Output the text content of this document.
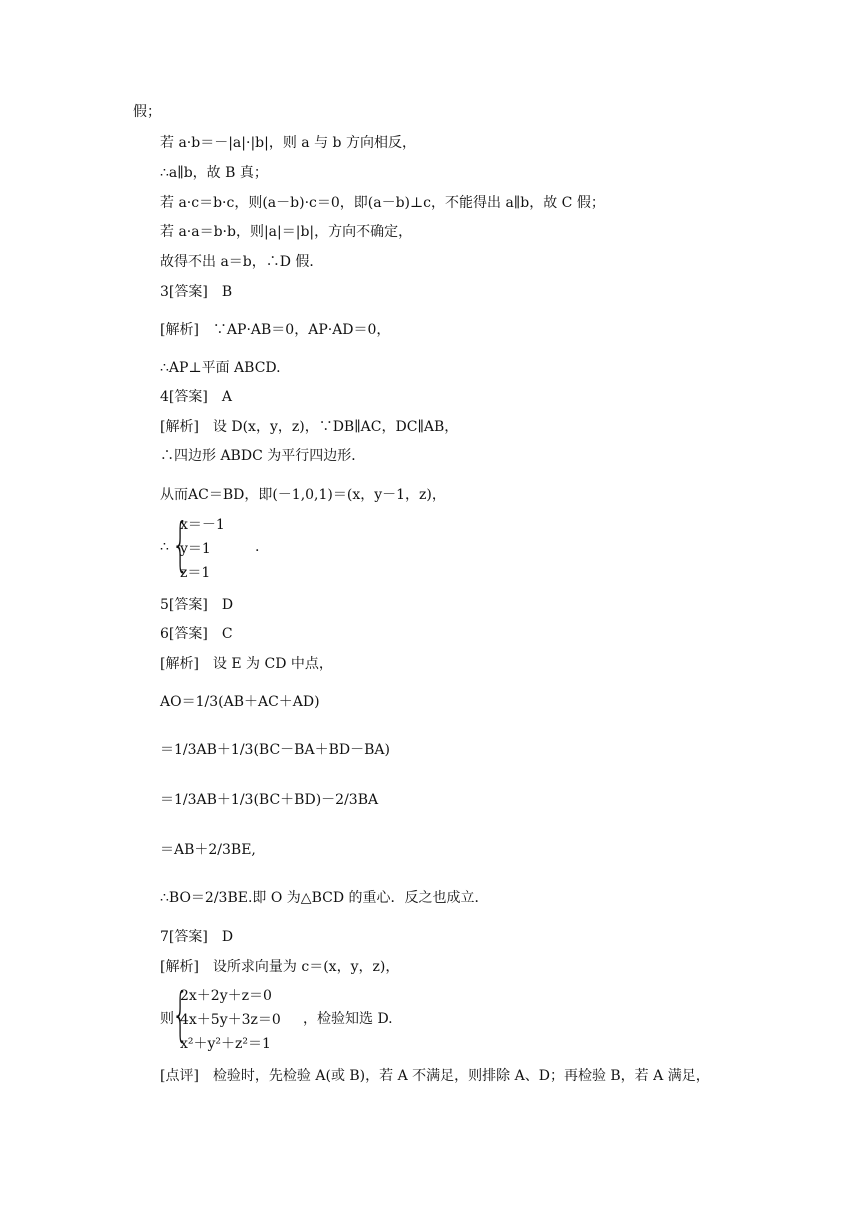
假；
若 a·b＝－|a|·|b|，则 a 与 b 方向相反，
∴a∥b，故 B 真；
若 a·c＝b·c，则(a－b)·c＝0，即(a－b)⊥c，不能得出 a∥b，故 C 假；
若 a·a＝b·b，则|a|＝|b|，方向不确定，
故得不出 a＝b，∴D 假．
3[答案]　B
[解析]　∵AP·AB＝0，AP·AD＝0，
∴AP⊥平面 ABCD.
4[答案]　A
[解析]　设 D(x，y，z)，∵DB∥AC，DC∥AB，
∴四边形 ABDC 为平行四边形．
从而AC＝BD，即(－1,0,1)＝(x，y－1，z)，
∴ {
x＝－1
y＝1
z＝1
.
5[答案]　D
6[答案]　C
[解析]　设 E 为 CD 中点，
AO＝1/3(AB＋AC＋AD)
＝1/3AB＋1/3(BC－BA＋BD－BA)
＝1/3AB＋1/3(BC＋BD)－2/3BA
＝AB＋2/3BE,
∴BO＝2/3BE.即 O 为△BCD 的重心．反之也成立．
7[答案]　D
[解析]　设所求向量为 c＝(x，y，z)，
则
{
2x＋2y＋z＝0
4x＋5y＋3z＝0
x²＋y²＋z²＝1
，检验知选 D.
[点评]　检验时，先检验 A(或 B)，若 A 不满足，则排除 A、D；再检验 B，若 A 满足，
